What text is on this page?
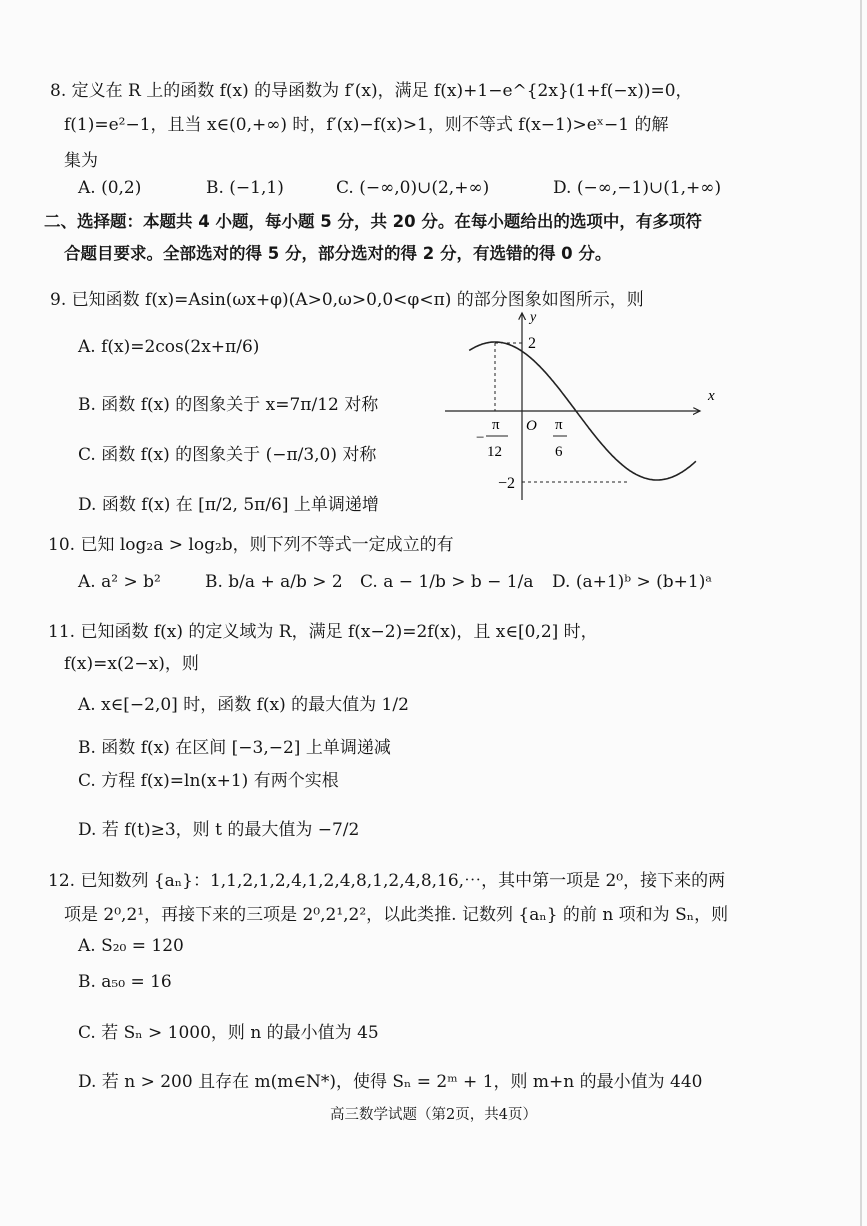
8. 定义在 R 上的函数 f(x) 的导函数为 f′(x)，满足 f(x)+1−e^{2x}(1+f(−x))=0，
f(1)=e²−1，且当 x∈(0,+∞) 时，f′(x)−f(x)>1，则不等式 f(x−1)>eˣ−1 的解
集为
A. (0,2)	B. (−1,1)	C. (−∞,0)∪(2,+∞)	D. (−∞,−1)∪(1,+∞)
二、选择题：本题共 4 小题，每小题 5 分，共 20 分。在每小题给出的选项中，有多项符
合题目要求。全部选对的得 5 分，部分选对的得 2 分，有选错的得 0 分。
9. 已知函数 f(x)=Asin(ωx+φ)(A>0,ω>0,0<φ<π) 的部分图象如图所示，则
A. f(x)=2cos(2x+π/6)
B. 函数 f(x) 的图象关于 x=7π/12 对称
C. 函数 f(x) 的图象关于 (−π/3,0) 对称
D. 函数 f(x) 在 [π/2, 5π/6] 上单调递增
y
x
2
−2
O
−
π
12
π
6
10. 已知 log₂a > log₂b，则下列不等式一定成立的有
A. a² > b²	B. b/a + a/b > 2 C. a − 1/b > b − 1/a D. (a+1)ᵇ > (b+1)ᵃ
11. 已知函数 f(x) 的定义域为 R，满足 f(x−2)=2f(x)，且 x∈[0,2] 时，
f(x)=x(2−x)，则
A. x∈[−2,0] 时，函数 f(x) 的最大值为 1/2
B. 函数 f(x) 在区间 [−3,−2] 上单调递减
C. 方程 f(x)=ln(x+1) 有两个实根
D. 若 f(t)≥3，则 t 的最大值为 −7/2
12. 已知数列 {aₙ}：1,1,2,1,2,4,1,2,4,8,1,2,4,8,16,⋯，其中第一项是 2⁰，接下来的两
项是 2⁰,2¹，再接下来的三项是 2⁰,2¹,2²，以此类推. 记数列 {aₙ} 的前 n 项和为 Sₙ，则
A. S₂₀ = 120
B. a₅₀ = 16
C. 若 Sₙ > 1000，则 n 的最小值为 45
D. 若 n > 200 且存在 m(m∈N*)，使得 Sₙ = 2ᵐ + 1，则 m+n 的最小值为 440
高三数学试题（第2页，共4页）
